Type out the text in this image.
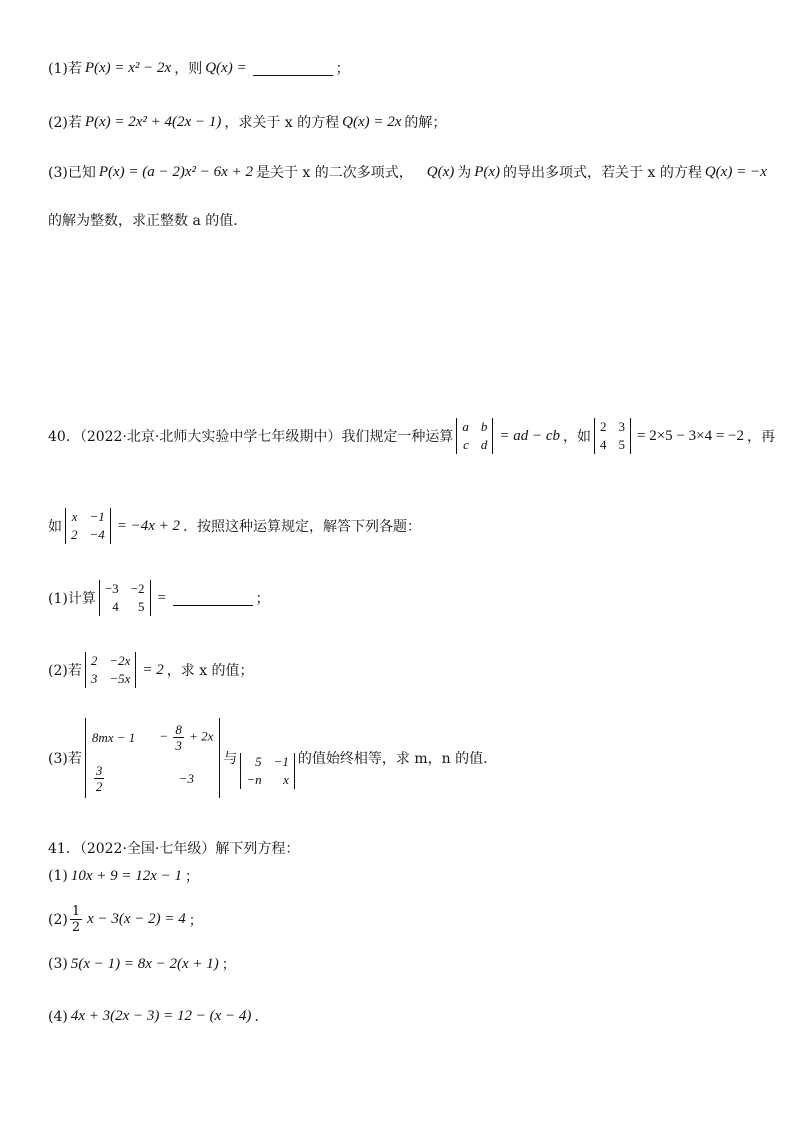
(1)若 P(x) = x² − 2x ，则 Q(x) =	；
(2)若 P(x) = 2x² + 4(2x − 1) ，求关于 x 的方程 Q(x) = 2x 的解；
(3)已知 P(x) = (a − 2)x² − 6x + 2 是关于 x 的二次多项式， Q(x) 为 P(x) 的导出多项式，若关于 x 的方程 Q(x) = −x
的解为整数，求正整数 a 的值.
40．（2022·北京·北师大实验中学七年级期中）我们规定一种运算
a b
c d
= ad − cb ，如
2 3
4 5
= 2×5 − 3×4 = −2 ，再
如
x −1
2 −4
= −4x + 2 ．按照这种运算规定，解答下列各题：
(1)计算
−3 −2
4	5
=	；
(2)若
2 −2x
3 −5x
= 2 ，求 x 的值；
(3)若
$8mx - 1 - \frac{8}{3} + 2x$
$\frac{3}{2}$	−3
与	5 −1
−n	x
的值始终相等，求 m，n 的值.
41．（2022·全国·七年级）解下列方程：
(1) 10x + 9 = 12x − 1 ；
$(2) \frac{1}{2}$ x − 3(x − 2) = 4 ；
(3) 5(x − 1) = 8x − 2(x + 1) ；
(4) 4x + 3(2x − 3) = 12 − (x − 4) .
